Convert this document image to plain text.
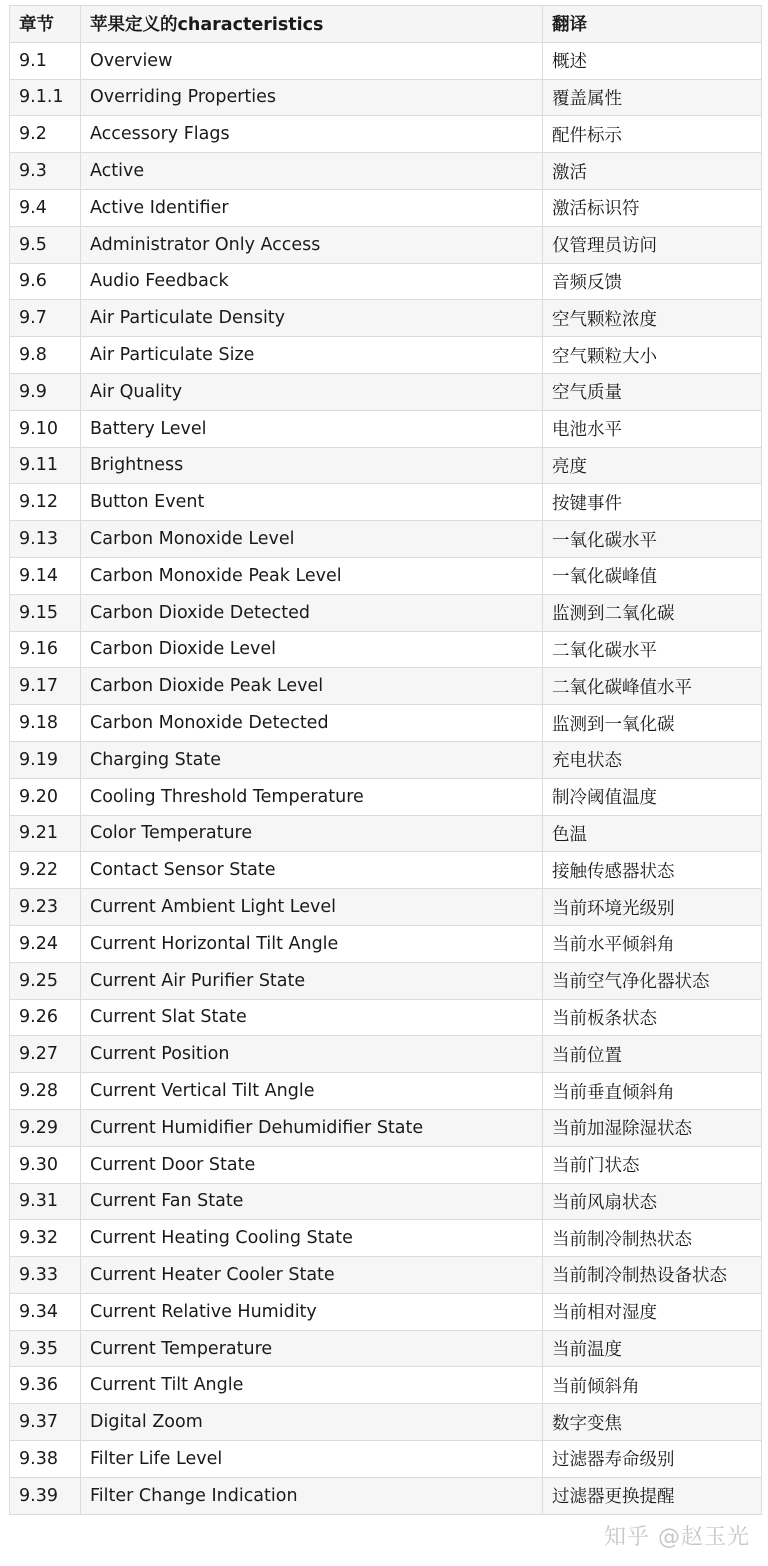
章节	苹果定义的characteristics	翻译
9.1	Overview	概述
9.1.1	Overriding Properties	覆盖属性
9.2	Accessory Flags	配件标示
9.3	Active	激活
9.4	Active Identifier	激活标识符
9.5	Administrator Only Access	仅管理员访问
9.6	Audio Feedback	音频反馈
9.7	Air Particulate Density	空气颗粒浓度
9.8	Air Particulate Size	空气颗粒大小
9.9	Air Quality	空气质量
9.10	Battery Level	电池水平
9.11	Brightness	亮度
9.12	Button Event	按键事件
9.13	Carbon Monoxide Level	一氧化碳水平
9.14	Carbon Monoxide Peak Level	一氧化碳峰值
9.15	Carbon Dioxide Detected	监测到二氧化碳
9.16	Carbon Dioxide Level	二氧化碳水平
9.17	Carbon Dioxide Peak Level	二氧化碳峰值水平
9.18	Carbon Monoxide Detected	监测到一氧化碳
9.19	Charging State	充电状态
9.20	Cooling Threshold Temperature	制冷阈值温度
9.21	Color Temperature	色温
9.22	Contact Sensor State	接触传感器状态
9.23	Current Ambient Light Level	当前环境光级别
9.24	Current Horizontal Tilt Angle	当前水平倾斜角
9.25	Current Air Purifier State	当前空气净化器状态
9.26	Current Slat State	当前板条状态
9.27	Current Position	当前位置
9.28	Current Vertical Tilt Angle	当前垂直倾斜角
9.29	Current Humidifier Dehumidifier State	当前加湿除湿状态
9.30	Current Door State	当前门状态
9.31	Current Fan State	当前风扇状态
9.32	Current Heating Cooling State	当前制冷制热状态
9.33	Current Heater Cooler State	当前制冷制热设备状态
9.34	Current Relative Humidity	当前相对湿度
9.35	Current Temperature	当前温度
9.36	Current Tilt Angle	当前倾斜角
9.37	Digital Zoom	数字变焦
9.38	Filter Life Level	过滤器寿命级别
9.39	Filter Change Indication	过滤器更换提醒
知乎 @赵玉光
